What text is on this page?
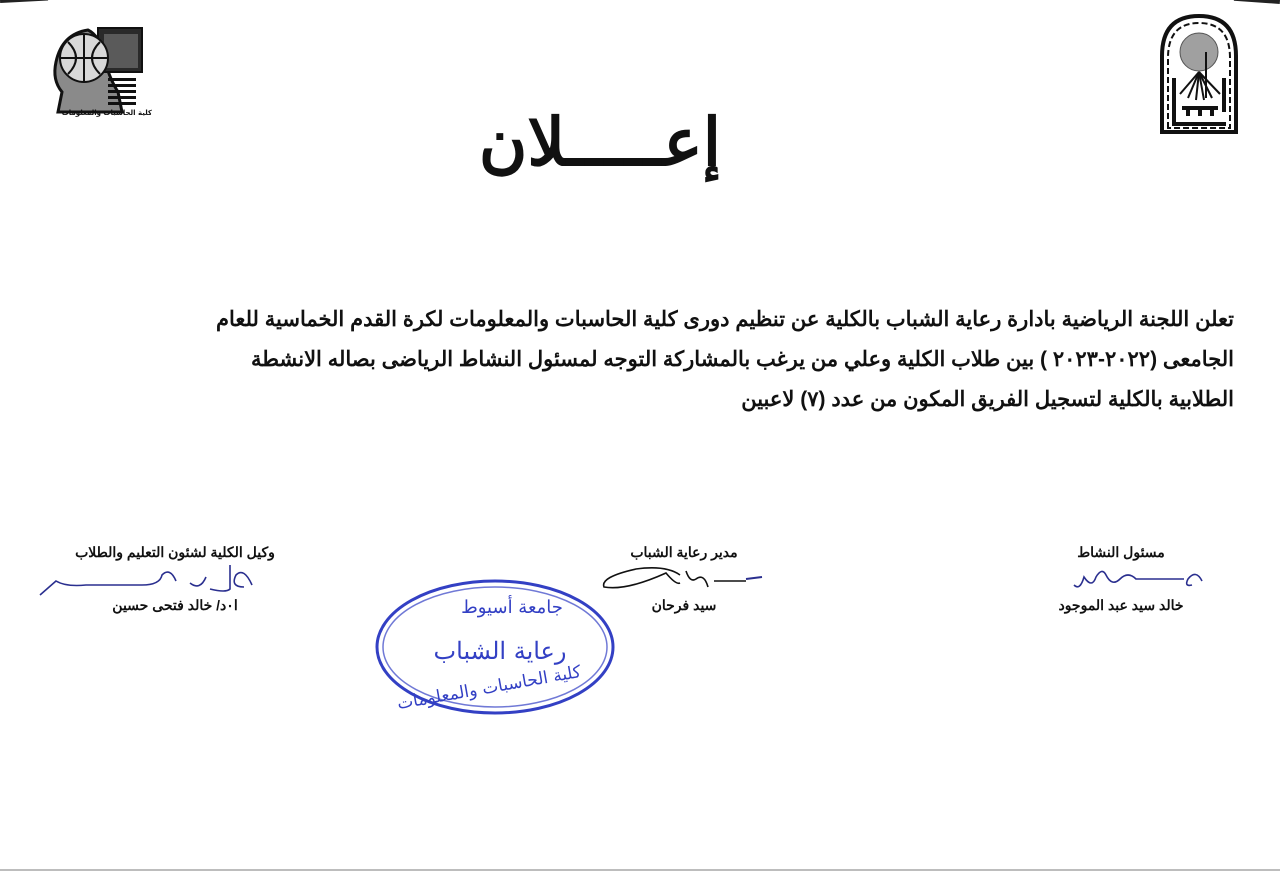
كلية الحاسبات والمعلومات	إعـــــلان
تعلن اللجنة الرياضية بادارة رعاية الشباب بالكلية عن تنظيم دورى كلية الحاسبات والمعلومات لكرة القدم الخماسية للعام
الجامعى (٢٠٢٢-٢٠٢٣ ) بين طلاب الكلية وعلي من يرغب بالمشاركة التوجه لمسئول النشاط الرياضى بصاله الانشطة
الطلابية بالكلية لتسجيل الفريق المكون من عدد (٧) لاعبين
مسئول النشاط
خالد سيد عبد الموجود
مدير رعاية الشباب
سيد فرحان
وكيل الكلية لشئون التعليم والطلاب
ا٠د/ خالد فتحى حسين	جامعة أسيوط
رعاية الشباب
كلية الحاسبات والمعلومات
